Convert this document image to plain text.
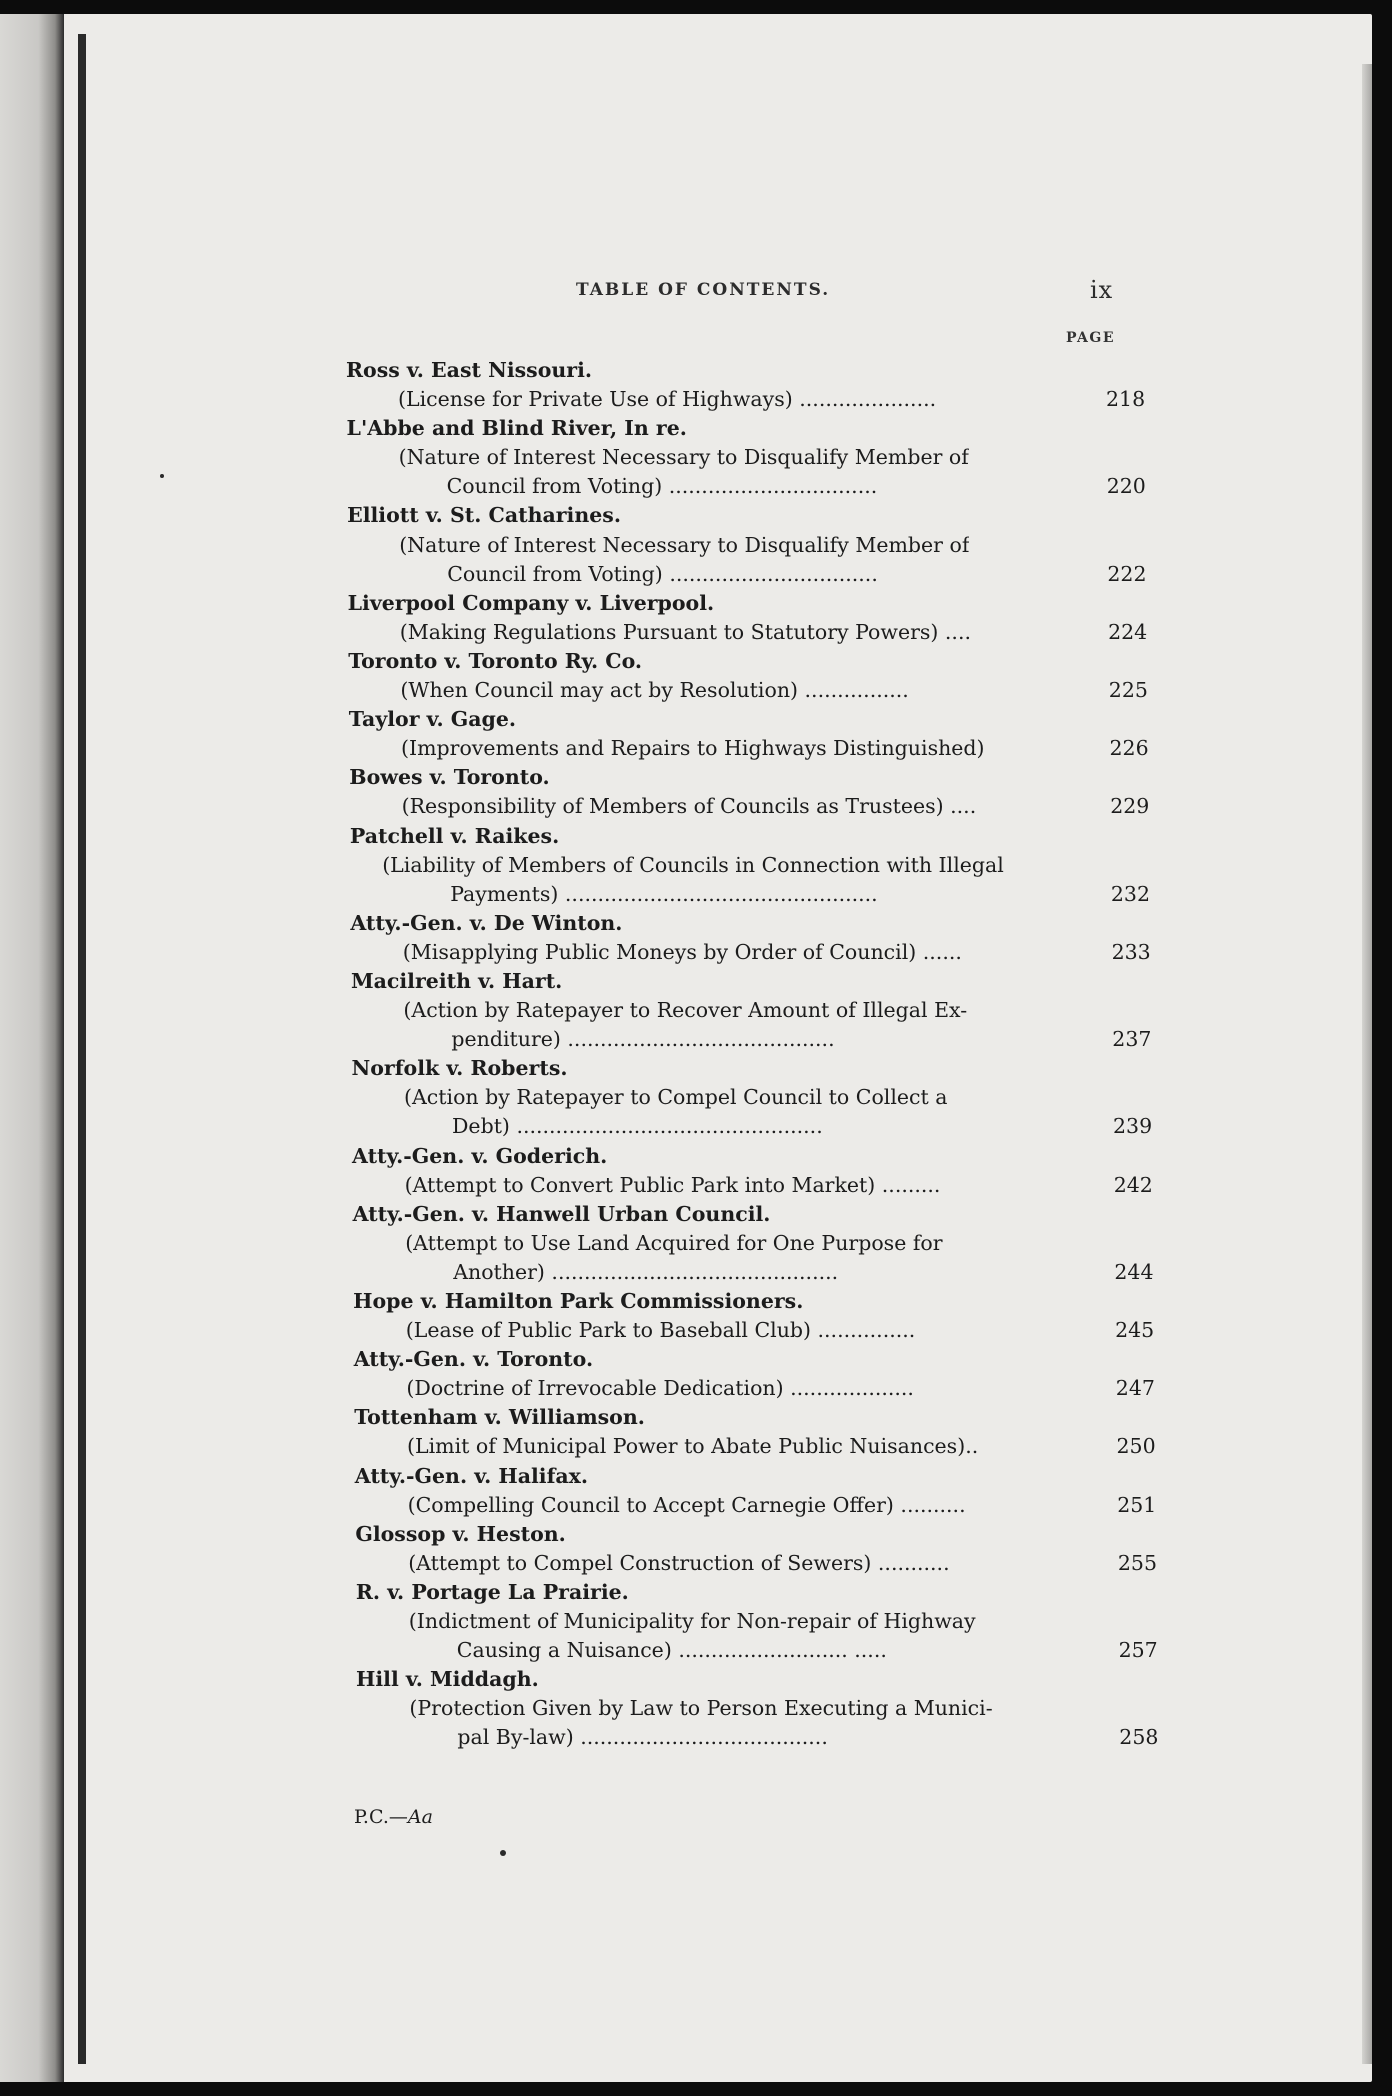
TABLE OF CONTENTS.	ix
PAGE
Ross v. East Nissouri.
(License for Private Use of Highways) .....................	218
L'Abbe and Blind River, In re.
(Nature of Interest Necessary to Disqualify Member of
Council from Voting) ................................	220
Elliott v. St. Catharines.
(Nature of Interest Necessary to Disqualify Member of
Council from Voting) ................................	222
Liverpool Company v. Liverpool.
(Making Regulations Pursuant to Statutory Powers) ....	224
Toronto v. Toronto Ry. Co.
(When Council may act by Resolution) ................	225
Taylor v. Gage.
(Improvements and Repairs to Highways Distinguished)	226
Bowes v. Toronto.
(Responsibility of Members of Councils as Trustees) ....	229
Patchell v. Raikes.
(Liability of Members of Councils in Connection with Illegal
Payments) ................................................	232
Atty.-Gen. v. De Winton.
(Misapplying Public Moneys by Order of Council) ......	233
Macilreith v. Hart.
(Action by Ratepayer to Recover Amount of Illegal Ex-
penditure) .........................................	237
Norfolk v. Roberts.
(Action by Ratepayer to Compel Council to Collect a
Debt) ...............................................	239
Atty.-Gen. v. Goderich.
(Attempt to Convert Public Park into Market) .........	242
Atty.-Gen. v. Hanwell Urban Council.
(Attempt to Use Land Acquired for One Purpose for
Another) ............................................	244
Hope v. Hamilton Park Commissioners.
(Lease of Public Park to Baseball Club) ...............	245
Atty.-Gen. v. Toronto.
(Doctrine of Irrevocable Dedication) ...................	247
Tottenham v. Williamson.
(Limit of Municipal Power to Abate Public Nuisances)..	250
Atty.-Gen. v. Halifax.
(Compelling Council to Accept Carnegie Offer) ..........	251
Glossop v. Heston.
(Attempt to Compel Construction of Sewers) ...........	255
R. v. Portage La Prairie.
(Indictment of Municipality for Non-repair of Highway
Causing a Nuisance) .......................... .....	257
Hill v. Middagh.
(Protection Given by Law to Person Executing a Munici-
pal By-law) ......................................	258
P.C.—Aa
